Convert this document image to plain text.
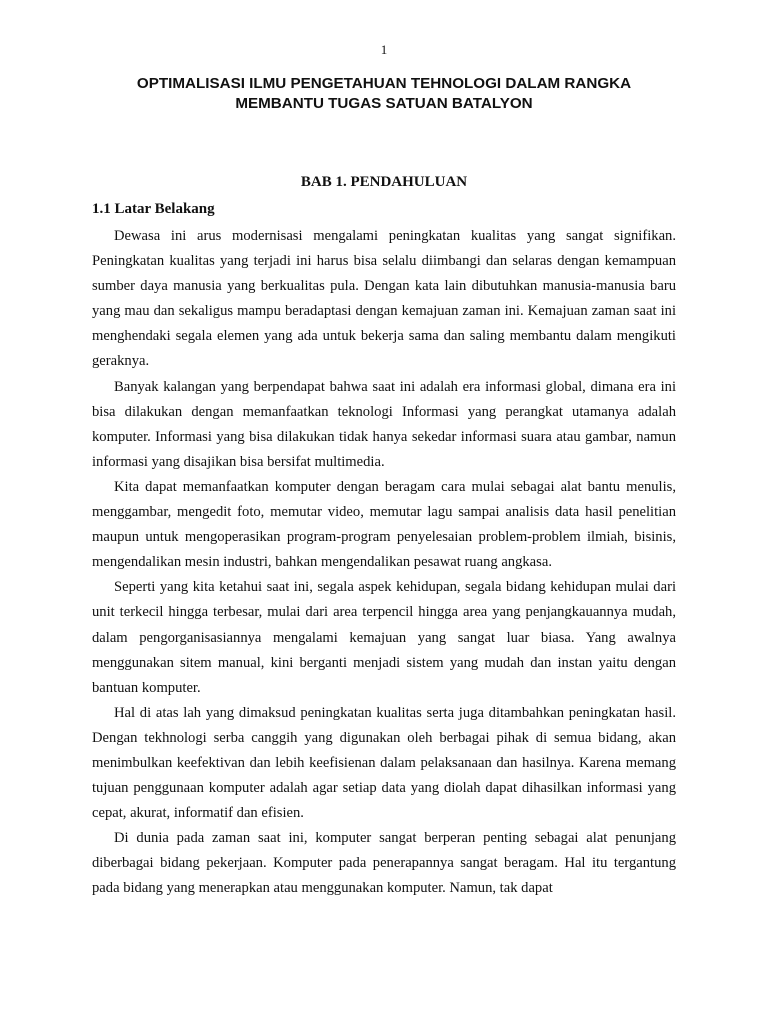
1
OPTIMALISASI ILMU PENGETAHUAN TEHNOLOGI DALAM RANGKA
MEMBANTU TUGAS SATUAN BATALYON
BAB 1. PENDAHULUAN
1.1 Latar Belakang

Dewasa ini arus modernisasi mengalami peningkatan kualitas yang sangat signifikan. Peningkatan kualitas yang terjadi ini harus bisa selalu diimbangi dan selaras dengan kemampuan sumber daya manusia yang berkualitas pula. Dengan kata lain dibutuhkan manusia-manusia baru yang mau dan sekaligus mampu beradaptasi dengan kemajuan zaman ini. Kemajuan zaman saat ini menghendaki segala elemen yang ada untuk bekerja sama dan saling membantu dalam mengikuti geraknya.

Banyak kalangan yang berpendapat bahwa saat ini adalah era informasi global, dimana era ini bisa dilakukan dengan memanfaatkan teknologi Informasi yang perangkat utamanya adalah komputer. Informasi yang bisa dilakukan tidak hanya sekedar informasi suara atau gambar, namun informasi yang disajikan bisa bersifat multimedia.

Kita dapat memanfaatkan komputer dengan beragam cara mulai sebagai alat bantu menulis, menggambar, mengedit foto, memutar video, memutar lagu sampai analisis data hasil penelitian maupun untuk mengoperasikan program-program penyelesaian problem-problem ilmiah, bisinis, mengendalikan mesin industri, bahkan mengendalikan pesawat ruang angkasa.

Seperti yang kita ketahui saat ini, segala aspek kehidupan, segala bidang kehidupan mulai dari unit terkecil hingga terbesar, mulai dari area terpencil hingga area yang penjangkauannya mudah, dalam pengorganisasiannya mengalami kemajuan yang sangat luar biasa. Yang awalnya menggunakan sitem manual, kini berganti menjadi sistem yang mudah dan instan yaitu dengan bantuan komputer.

Hal di atas lah yang dimaksud peningkatan kualitas serta juga ditambahkan peningkatan hasil. Dengan tekhnologi serba canggih yang digunakan oleh berbagai pihak di semua bidang, akan menimbulkan keefektivan dan lebih keefisienan dalam pelaksanaan dan hasilnya. Karena memang tujuan penggunaan komputer adalah agar setiap data yang diolah dapat dihasilkan informasi yang cepat, akurat, informatif dan efisien.

Di dunia pada zaman saat ini, komputer sangat berperan penting sebagai alat penunjang diberbagai bidang pekerjaan. Komputer pada penerapannya sangat beragam. Hal itu tergantung pada bidang yang menerapkan atau menggunakan komputer. Namun, tak dapat
